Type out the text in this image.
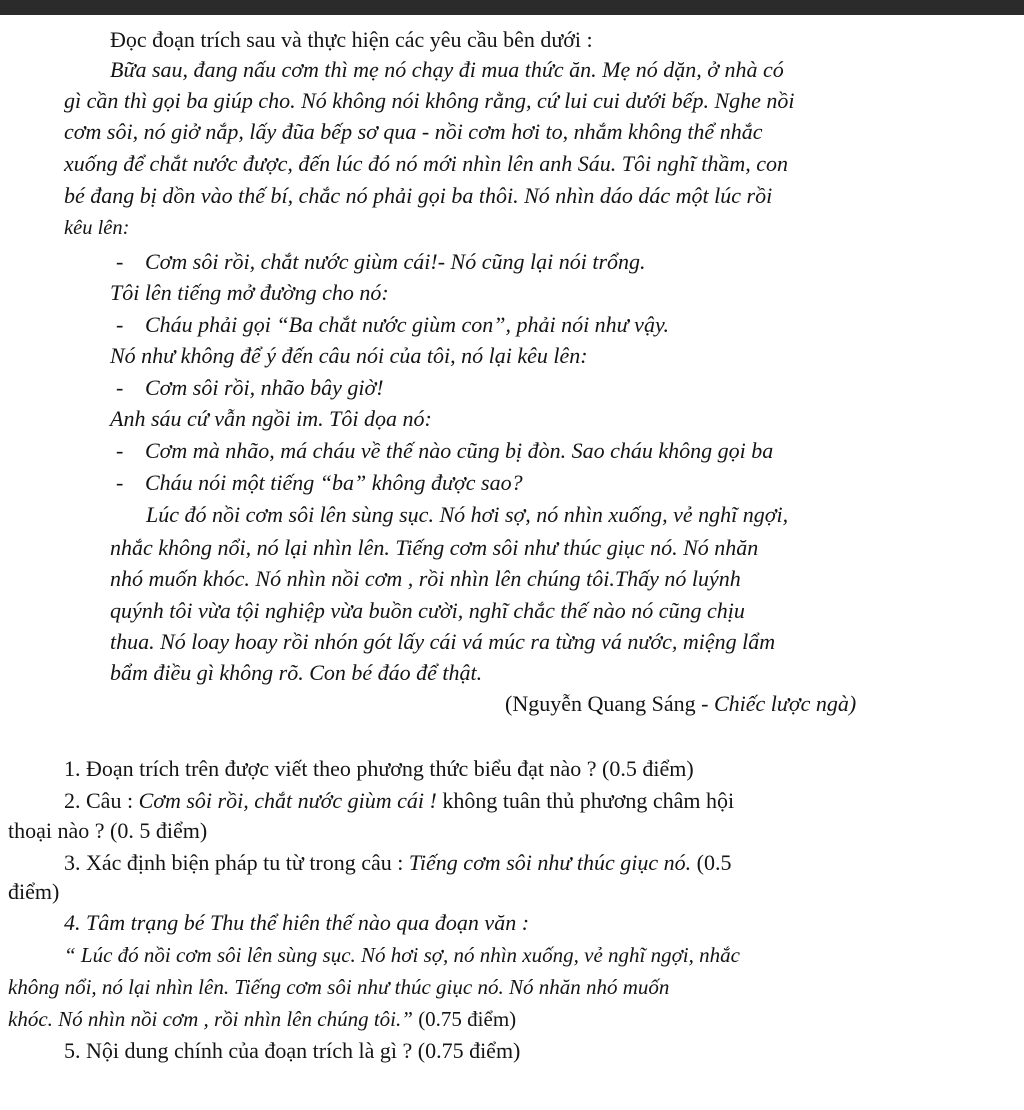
Đọc đoạn trích sau và thực hiện các yêu cầu bên dưới :
Bữa sau, đang nấu cơm thì mẹ nó chạy đi mua thức ăn. Mẹ nó dặn, ở nhà có
gì cần thì gọi ba giúp cho. Nó không nói không rằng, cứ lui cui dưới bếp. Nghe nồi
cơm sôi, nó giở nắp, lấy đũa bếp sơ qua - nồi cơm hơi to, nhắm không thể nhắc
xuống để chắt nước được, đến lúc đó nó mới nhìn lên anh Sáu. Tôi nghĩ thầm, con
bé đang bị dồn vào thế bí, chắc nó phải gọi ba thôi. Nó nhìn dáo dác một lúc rồi
kêu lên:
- Cơm sôi rồi, chắt nước giùm cái!- Nó cũng lại nói trổng.
Tôi lên tiếng mở đường cho nó:
- Cháu phải gọi “Ba chắt nước giùm con”, phải nói như vậy.
Nó như không để ý đến câu nói của tôi, nó lại kêu lên:
- Cơm sôi rồi, nhão bây giờ!
Anh sáu cứ vẫn ngồi im. Tôi dọa nó:
- Cơm mà nhão, má cháu về thế nào cũng bị đòn. Sao cháu không gọi ba
- Cháu nói một tiếng “ba” không được sao?
Lúc đó nồi cơm sôi lên sùng sục. Nó hơi sợ, nó nhìn xuống, vẻ nghĩ ngợi,
nhắc không nổi, nó lại nhìn lên. Tiếng cơm sôi như thúc giục nó. Nó nhăn
nhó muốn khóc. Nó nhìn nồi cơm , rồi nhìn lên chúng tôi.Thấy nó luýnh
quýnh tôi vừa tội nghiệp vừa buồn cười, nghĩ chắc thế nào nó cũng chịu
thua. Nó loay hoay rồi nhón gót lấy cái vá múc ra từng vá nước, miệng lẩm
bẩm điều gì không rõ. Con bé đáo để thật.
(Nguyễn Quang Sáng - Chiếc lược ngà)
1. Đoạn trích trên được viết theo phương thức biểu đạt nào ? (0.5 điểm)
2. Câu : Cơm sôi rồi, chắt nước giùm cái ! không tuân thủ phương châm hội
thoại nào ? (0. 5 điểm)
3. Xác định biện pháp tu từ trong câu : Tiếng cơm sôi như thúc giục nó. (0.5
điểm)
4. Tâm trạng bé Thu thể hiên thế nào qua đoạn văn :
“ Lúc đó nồi cơm sôi lên sùng sục. Nó hơi sợ, nó nhìn xuống, vẻ nghĩ ngợi, nhắc
không nổi, nó lại nhìn lên. Tiếng cơm sôi như thúc giục nó. Nó nhăn nhó muốn
khóc. Nó nhìn nồi cơm , rồi nhìn lên chúng tôi.” (0.75 điểm)
5. Nội dung chính của đoạn trích là gì ? (0.75 điểm)
